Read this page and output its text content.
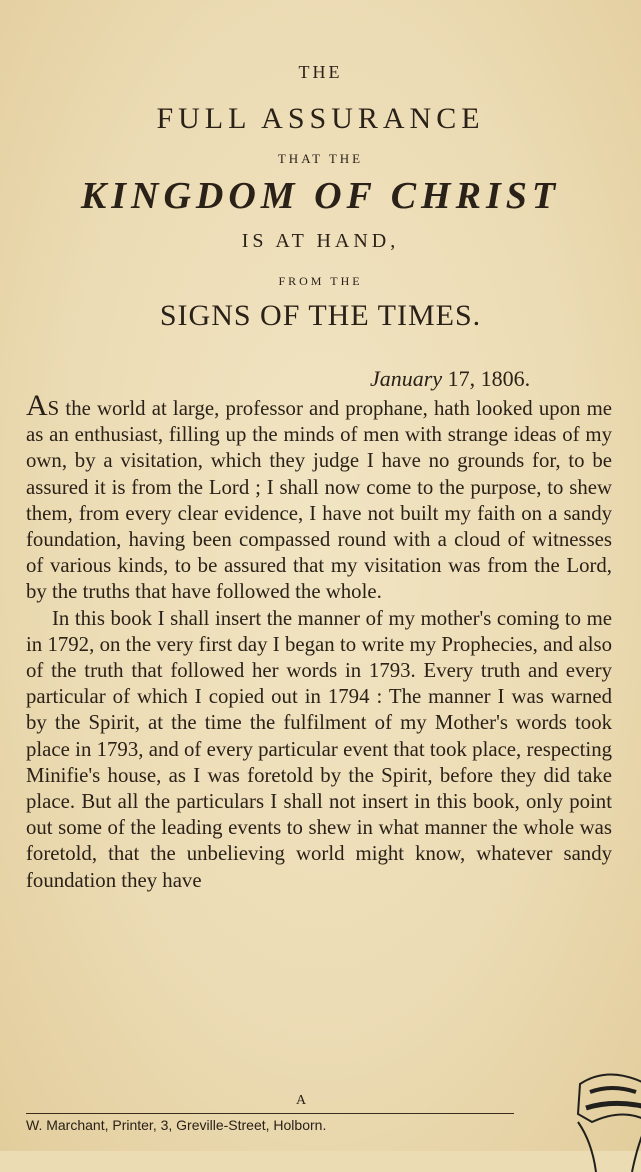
THE
FULL ASSURANCE
THAT THE
KINGDOM OF CHRIST
IS AT HAND,
FROM THE
SIGNS OF THE TIMES.
January 17, 1806.

AS the world at large, professor and prophane, hath looked upon me as an enthusiast, filling up the minds of men with strange ideas of my own, by a visitation, which they judge I have no grounds for, to be assured it is from the Lord ; I shall now come to the purpose, to shew them, from every clear evidence, I have not built my faith on a sandy foundation, having been compassed round with a cloud of witnesses of various kinds, to be assured that my visitation was from the Lord, by the truths that have followed the whole.

In this book I shall insert the manner of my mother's coming to me in 1792, on the very first day I began to write my Prophecies, and also of the truth that followed her words in 1793. Every truth and every particular of which I copied out in 1794 : The manner I was warned by the Spirit, at the time the fulfilment of my Mother's words took place in 1793, and of every particular event that took place, respecting Minifie's house, as I was foretold by the Spirit, before they did take place. But all the particulars I shall not insert in this book, only point out some of the leading events to shew in what manner the whole was foretold, that the unbelieving world might know, whatever sandy foundation they have

A
W. Marchant, Printer, 3, Greville-Street, Holborn.
